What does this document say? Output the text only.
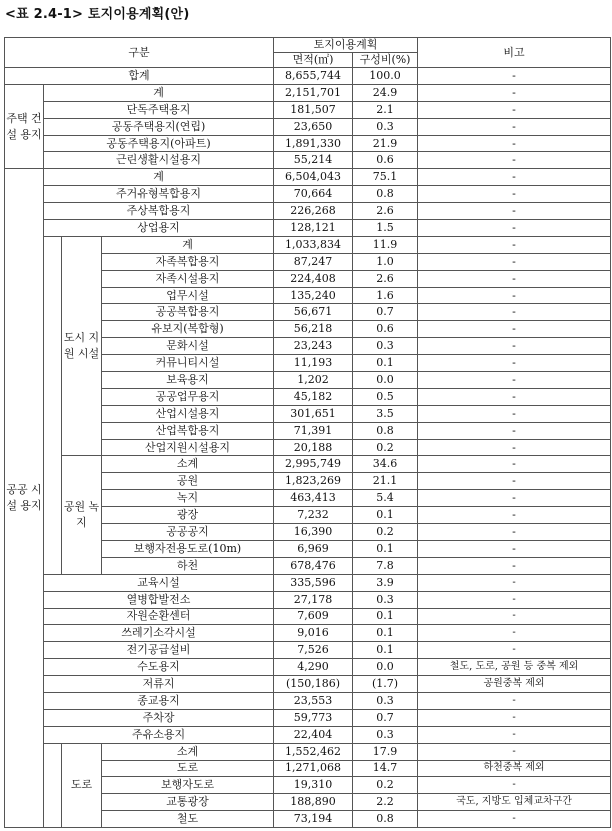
<표 2.4-1> 토지이용계획(안)
구분				토지이용계획		비고
				면적(㎡)	구성비(%)	
합계				8,655,744	100.0	-
주택 건설 용지	계			2,151,701	24.9	-
	단독주택용지			181,507	2.1	-
	공동주택용지(연립)			23,650	0.3	-
	공동주택용지(아파트)			1,891,330	21.9	-
	근린생활시설용지			55,214	0.6	-
공공 시설 용지	계			6,504,043	75.1	-
	주거유형복합용지			70,664	0.8	-
	주상복합용지			226,268	2.6	-
	상업용지			128,121	1.5	-
		도시 지원 시설	계	1,033,834	11.9	-
			자족복합용지	87,247	1.0	-
			자족시설용지	224,408	2.6	-
			업무시설	135,240	1.6	-
			공공복합용지	56,671	0.7	-
			유보지(복합형)	56,218	0.6	-
			문화시설	23,243	0.3	-
			커뮤니티시설	11,193	0.1	-
			보육용지	1,202	0.0	-
			공공업무용지	45,182	0.5	-
			산업시설용지	301,651	3.5	-
			산업복합용지	71,391	0.8	-
			산업지원시설용지	20,188	0.2	-
		공원 녹지	소계	2,995,749	34.6	-
			공원	1,823,269	21.1	-
			녹지	463,413	5.4	-
			광장	7,232	0.1	-
			공공공지	16,390	0.2	-
			보행자전용도로(10m)	6,969	0.1	-
			하천	678,476	7.8	-
	교육시설			335,596	3.9	-
	열병합발전소			27,178	0.3	-
	자원순환센터			7,609	0.1	-
	쓰레기소각시설			9,016	0.1	-
	전기공급설비			7,526	0.1	-
	수도용지			4,290	0.0	철도, 도로, 공원 등 중복 제외
	저류지			(150,186)	(1.7)	공원중복 제외
	종교용지			23,553	0.3	-
	주차장			59,773	0.7	-
	주유소용지			22,404	0.3	-
		도로	소계	1,552,462	17.9	-
			도로	1,271,068	14.7	하천중복 제외
			보행자도로	19,310	0.2	-
			교통광장	188,890	2.2	국도, 지방도 입체교차구간
			철도	73,194	0.8	-
